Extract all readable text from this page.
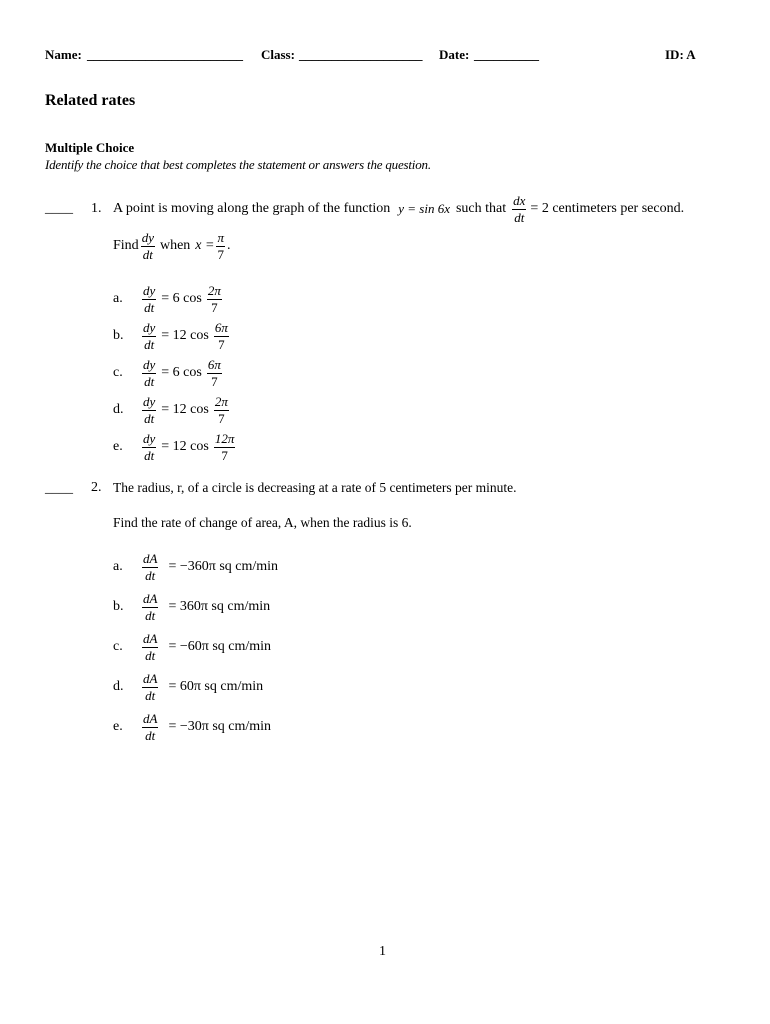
Name: ________________________ Class: ___________________ Date: __________	ID: A
Related rates
Multiple Choice
Identify the choice that best completes the statement or answers the question.
____ 1. A point is moving along the graph of the function y = sin 6x such that $\frac{dx}{dt} = 2$ centimeters per second.
Find $\frac{dy}{dt}$ when $x = \frac{\pi}{7}$ .
a. $\frac{dy}{dt} = 6$ $\cos \frac{2\pi}{7}$
b. $\frac{dy}{dt} = 12$ $\cos \frac{6\pi}{7}$
c. $\frac{dy}{dt} = 6$ $\cos \frac{6\pi}{7}$
d. $\frac{dy}{dt} = 12$ $\cos \frac{2\pi}{7}$
e. $\frac{dy}{dt} = 12$ $\cos \frac{12\pi}{7}$
____ 2. The radius, r, of a circle is decreasing at a rate of 5 centimeters per minute.
Find the rate of change of area, A, when the radius is 6.
a. $\frac{dA}{dt} = -360\pi$ sq cm/min
b. $\frac{dA}{dt} = 360\pi$ sq cm/min
c. $\frac{dA}{dt} = -60\pi$ sq cm/min
d. $\frac{dA}{dt} = 60\pi$ sq cm/min
e. $\frac{dA}{dt} = -30\pi$ sq cm/min
1
